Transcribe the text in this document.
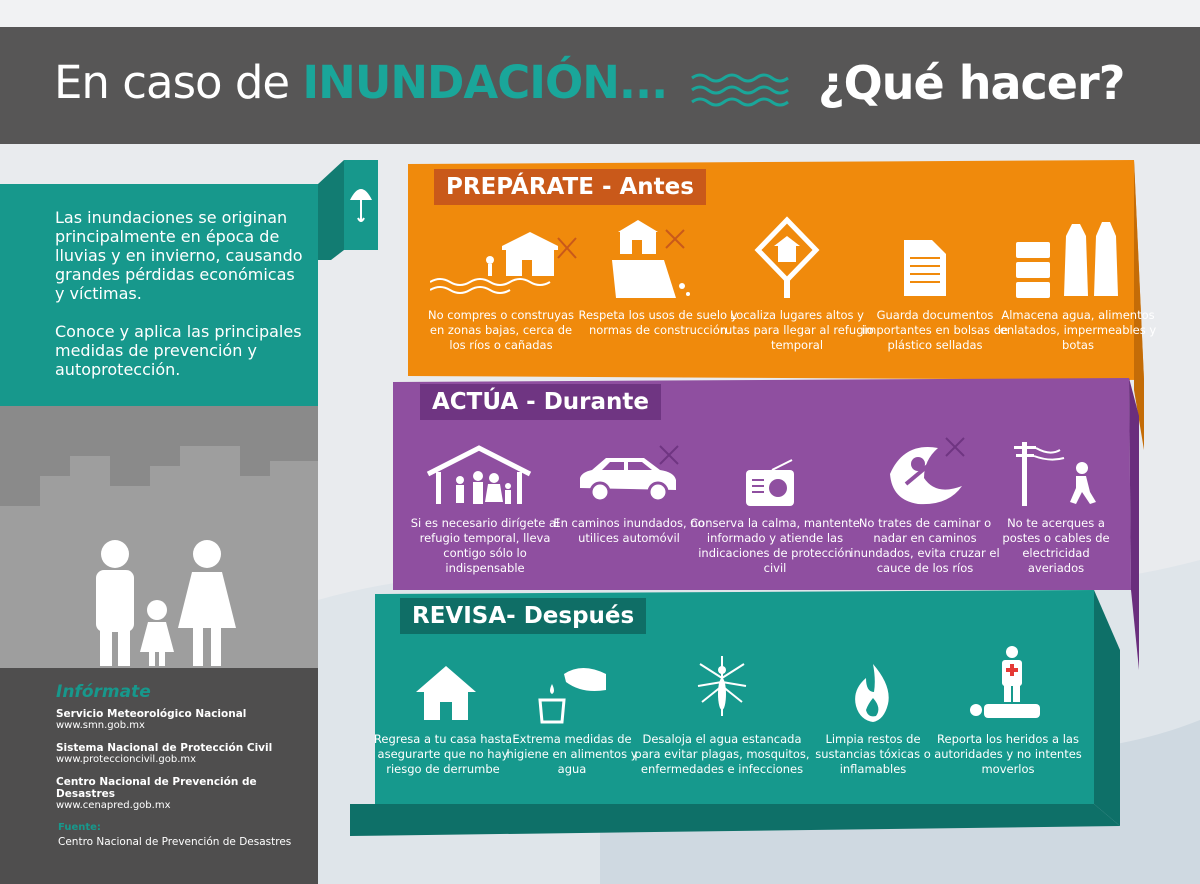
En caso de INUNDACIÓN...	¿Qué hacer?

Las inundaciones se originan principalmente en época de lluvias y en invierno, causando grandes pérdidas económicas y víctimas.

Conoce y aplica las principales medidas de prevención y autoprotección.

Infórmate
Servicio Meteorológico Nacional
www.smn.gob.mx
Sistema Nacional de Protección Civil
www.proteccioncivil.gob.mx
Centro Nacional de Prevención de Desastres
www.cenapred.gob.mx
Fuente:
Centro Nacional de Prevención de Desastres
PREPÁRATE - Antes
No compres o construyas en zonas bajas, cerca de los ríos o cañadas
Respeta los usos de suelo y normas de construcción
Localiza lugares altos y rutas para llegar al refugio temporal
Guarda documentos importantes en bolsas de plástico selladas
Almacena agua, alimentos enlatados, impermeables y botas
ACTÚA - Durante
Si es necesario dirígete al refugio temporal, lleva contigo sólo lo indispensable
En caminos inundados, no utilices automóvil
Conserva la calma, mantente informado y atiende las indicaciones de protección civil
No trates de caminar o nadar en caminos inundados, evita cruzar el cauce de los ríos
No te acerques a postes o cables de electricidad averiados
REVISA- Después
Regresa a tu casa hasta asegurarte que no hay riesgo de derrumbe
Extrema medidas de higiene en alimentos y agua
Desaloja el agua estancada para evitar plagas, mosquitos, enfermedades e infecciones
Limpia restos de sustancias tóxicas o inflamables
Reporta los heridos a las autoridades y no intentes moverlos
